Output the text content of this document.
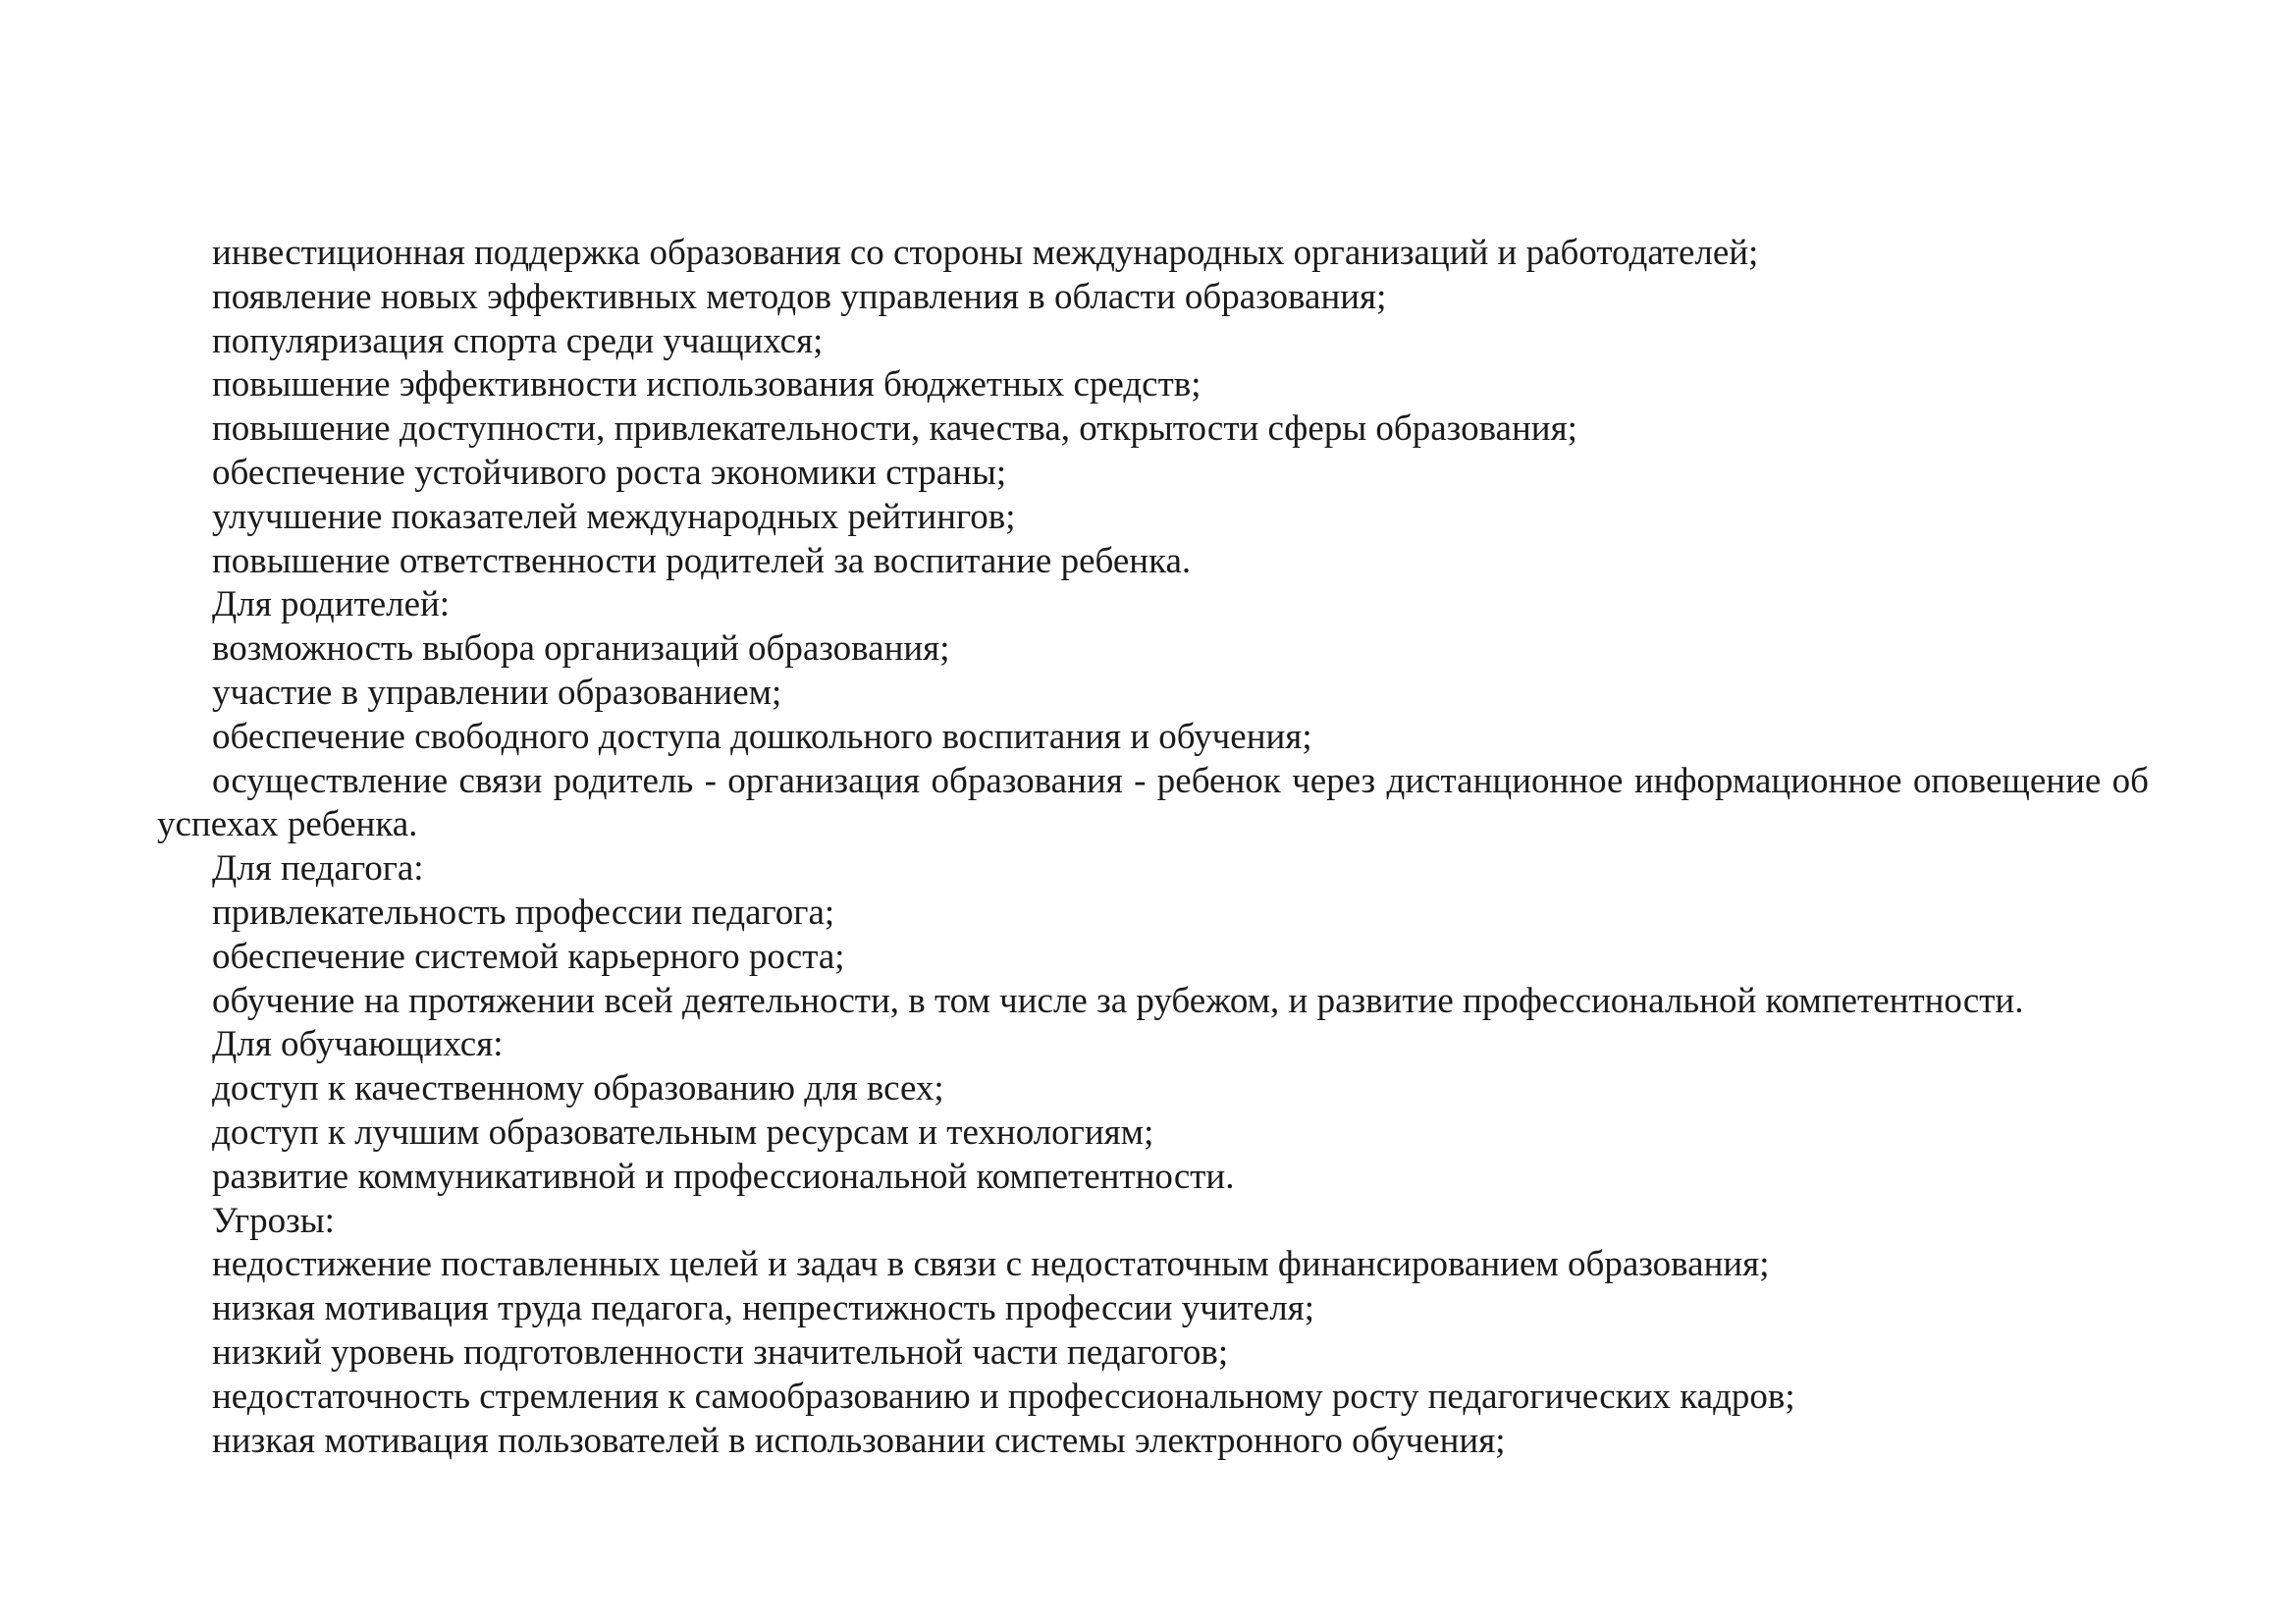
инвестиционная поддержка образования со стороны международных организаций и работодателей;

появление новых эффективных методов управления в области образования;

популяризация спорта среди учащихся;

повышение эффективности использования бюджетных средств;

повышение доступности, привлекательности, качества, открытости сферы образования;

обеспечение устойчивого роста экономики страны;

улучшение показателей международных рейтингов;

повышение ответственности родителей за воспитание ребенка.

Для родителей:

возможность выбора организаций образования;

участие в управлении образованием;

обеспечение свободного доступа дошкольного воспитания и обучения;

осуществление связи родитель - организация образования - ребенок через дистанционное информационное оповещение об успехах ребенка.

Для педагога:

привлекательность профессии педагога;

обеспечение системой карьерного роста;

обучение на протяжении всей деятельности, в том числе за рубежом, и развитие профессиональной компетентности.

Для обучающихся:

доступ к качественному образованию для всех;

доступ к лучшим образовательным ресурсам и технологиям;

развитие коммуникативной и профессиональной компетентности.

Угрозы:

недостижение поставленных целей и задач в связи с недостаточным финансированием образования;

низкая мотивация труда педагога, непрестижность профессии учителя;

низкий уровень подготовленности значительной части педагогов;

недостаточность стремления к самообразованию и профессиональному росту педагогических кадров;

низкая мотивация пользователей в использовании системы электронного обучения;
